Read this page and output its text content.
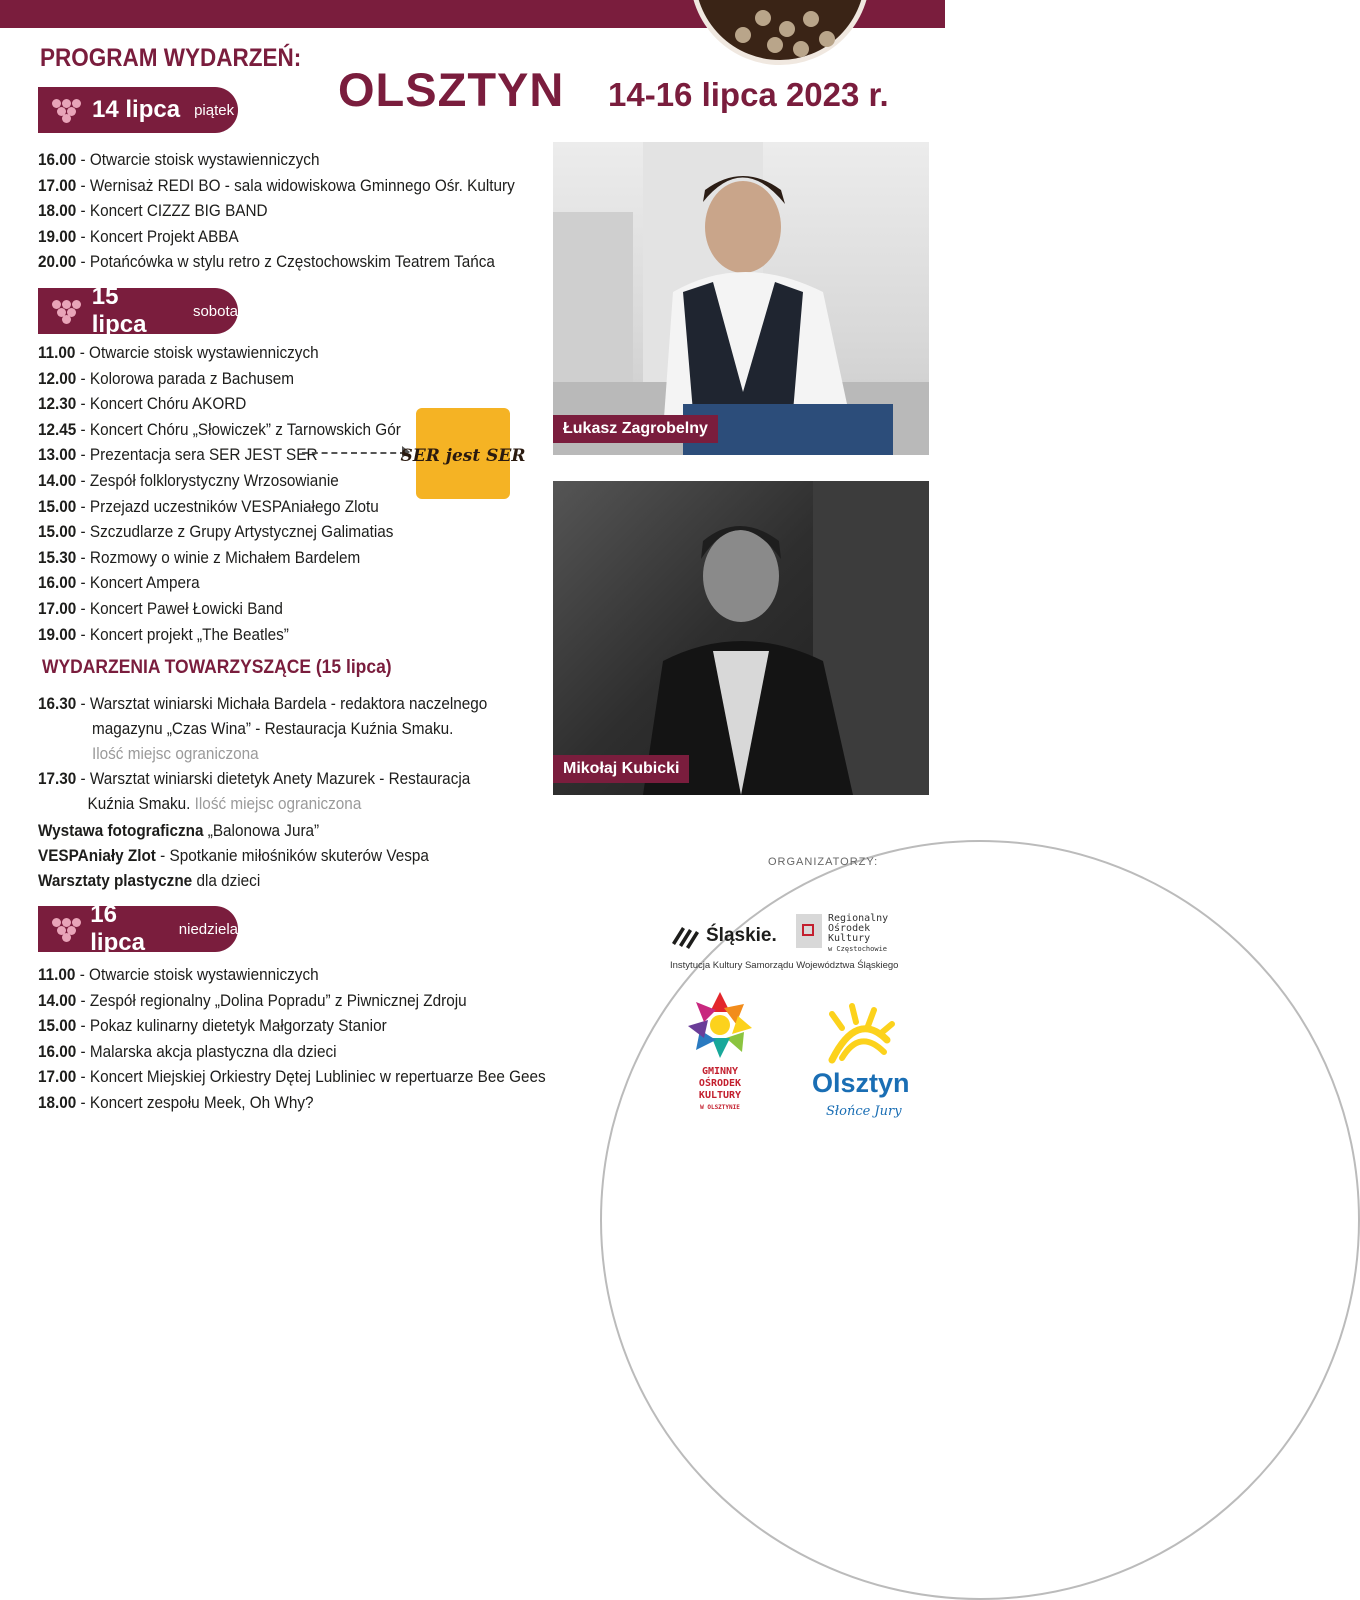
PROGRAM WYDARZEŃ:
OLSZTYN 14-16 lipca 2023 r.
14 lipca piątek
16.00 - Otwarcie stoisk wystawienniczych
17.00 - Wernisaż REDI BO - sala widowiskowa Gminnego Ośr. Kultury
18.00 - Koncert CIZZZ BIG BAND
19.00 - Koncert Projekt ABBA
20.00 - Potańcówka w stylu retro z Częstochowskim Teatrem Tańca
15 lipca	sobota
11.00 - Otwarcie stoisk wystawienniczych
12.00 - Kolorowa parada z Bachusem
12.30 - Koncert Chóru AKORD
12.45 - Koncert Chóru „Słowiczek” z Tarnowskich Gór
13.00 - Prezentacja sera SER JEST SER
14.00 - Zespół folklorystyczny Wrzosowianie
15.00 - Przejazd uczestników VESPAniałego Zlotu
15.00 - Szczudlarze z Grupy Artystycznej Galimatias
15.30 - Rozmowy o winie z Michałem Bardelem
16.00 - Koncert Ampera
17.00 - Koncert Paweł Łowicki Band
19.00 - Koncert projekt „The Beatles”
SER jest SER
WYDARZENIA TOWARZYSZĄCE (15 lipca)
16.30 - Warsztat winiarski Michała Bardela - redaktora naczelnego
magazynu „Czas Wina” - Restauracja Kuźnia Smaku.
Ilość miejsc ograniczona
17.30 - Warsztat winiarski dietetyk Anety Mazurek - Restauracja
Kuźnia Smaku. Ilość miejsc ograniczona
Wystawa fotograficzna „Balonowa Jura”
VESPAniały Zlot - Spotkanie miłośników skuterów Vespa
Warsztaty plastyczne dla dzieci
16 lipca	niedziela
11.00 - Otwarcie stoisk wystawienniczych
14.00 - Zespół regionalny „Dolina Popradu” z Piwnicznej Zdroju
15.00 - Pokaz kulinarny dietetyk Małgorzaty Stanior
16.00 - Malarska akcja plastyczna dla dzieci
17.00 - Koncert Miejskiej Orkiestry Dętej Lubliniec w repertuarze Bee Gees
18.00 - Koncert zespołu Meek, Oh Why?
Łukasz Zagrobelny
Mikołaj Kubicki
ORGANIZATORZY:
Śląskie.
Regionalny
Ośrodek
Kultury
w Częstochowie
Instytucja Kultury Samorządu Województwa Śląskiego
GMINNY
OŚRODEK
KULTURY
W OLSZTYNIE
Olsztyn
Słońce Jury
